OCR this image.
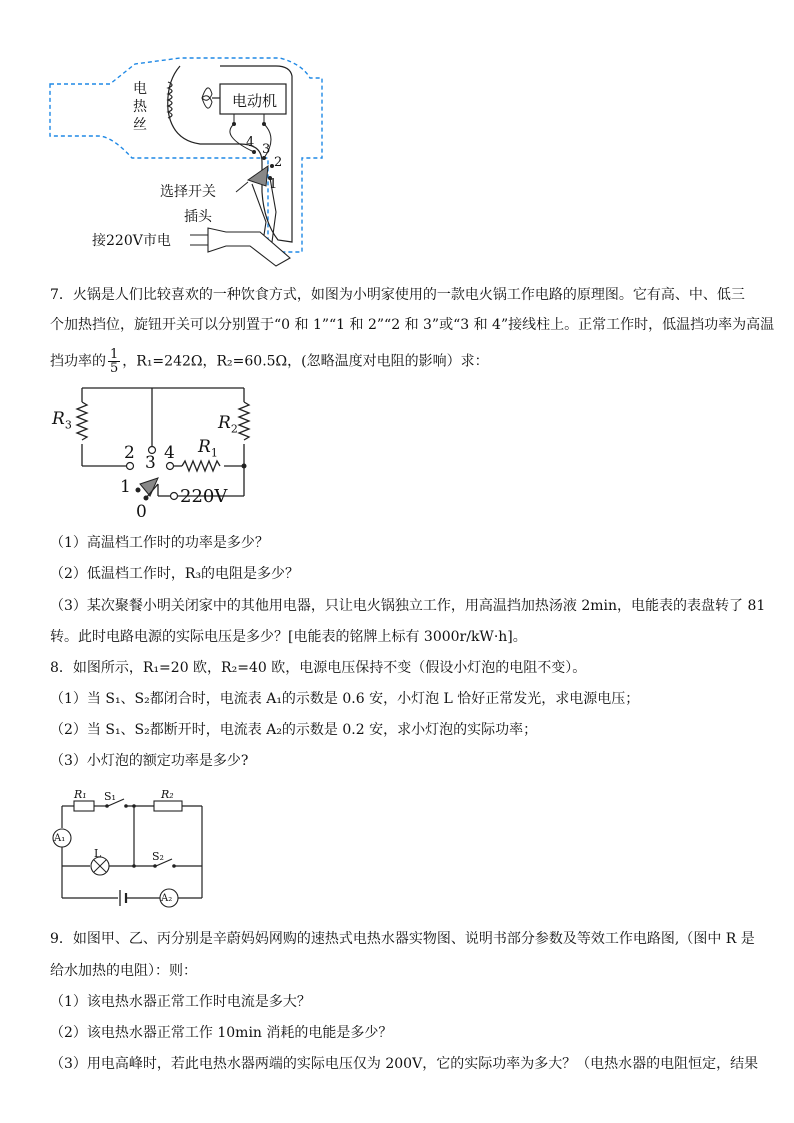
电
热
丝
电动机
4 3
2
1
选择开关
插头
接220V市电
7．火锅是人们比较喜欢的一种饮食方式，如图为小明家使用的一款电火锅工作电路的原理图。它有高、中、低三
个加热挡位，旋钮开关可以分别置于“0 和 1”“1 和 2”“2 和 3”或“3 和 4”接线柱上。正常工作时，低温挡功率为高温
挡功率的 $\frac{1}{5}$ ，R₁=242Ω，R₂=60.5Ω，(忽略温度对电阻的影响）求：
$R_3$	$R_2$
$R_1$
2 3 4
1
0
220V
（1）高温档工作时的功率是多少？
（2）低温档工作时，R₃的电阻是多少？
（3）某次聚餐小明关闭家中的其他用电器，只让电火锅独立工作，用高温挡加热汤液 2min，电能表的表盘转了 81
转。此时电路电源的实际电压是多少？[电能表的铭牌上标有 3000r/kW·h]。
8．如图所示，R₁=20 欧，R₂=40 欧，电源电压保持不变（假设小灯泡的电阻不变）。
（1）当 S₁、S₂都闭合时，电流表 A₁的示数是 0.6 安，小灯泡 L 恰好正常发光，求电源电压；
（2）当 S₁、S₂都断开时，电流表 A₂的示数是 0.2 安，求小灯泡的实际功率；
（3）小灯泡的额定功率是多少?
R₁ S₁	R₂
A₁
L	S₂
A₂
9．如图甲、乙、丙分别是辛蔚妈妈网购的速热式电热水器实物图、说明书部分参数及等效工作电路图,（图中 R 是
给水加热的电阻）：则：
（1）该电热水器正常工作时电流是多大？
（2）该电热水器正常工作 10min 消耗的电能是多少？
（3）用电高峰时，若此电热水器两端的实际电压仅为 200V，它的实际功率为多大？（电热水器的电阻恒定，结果
